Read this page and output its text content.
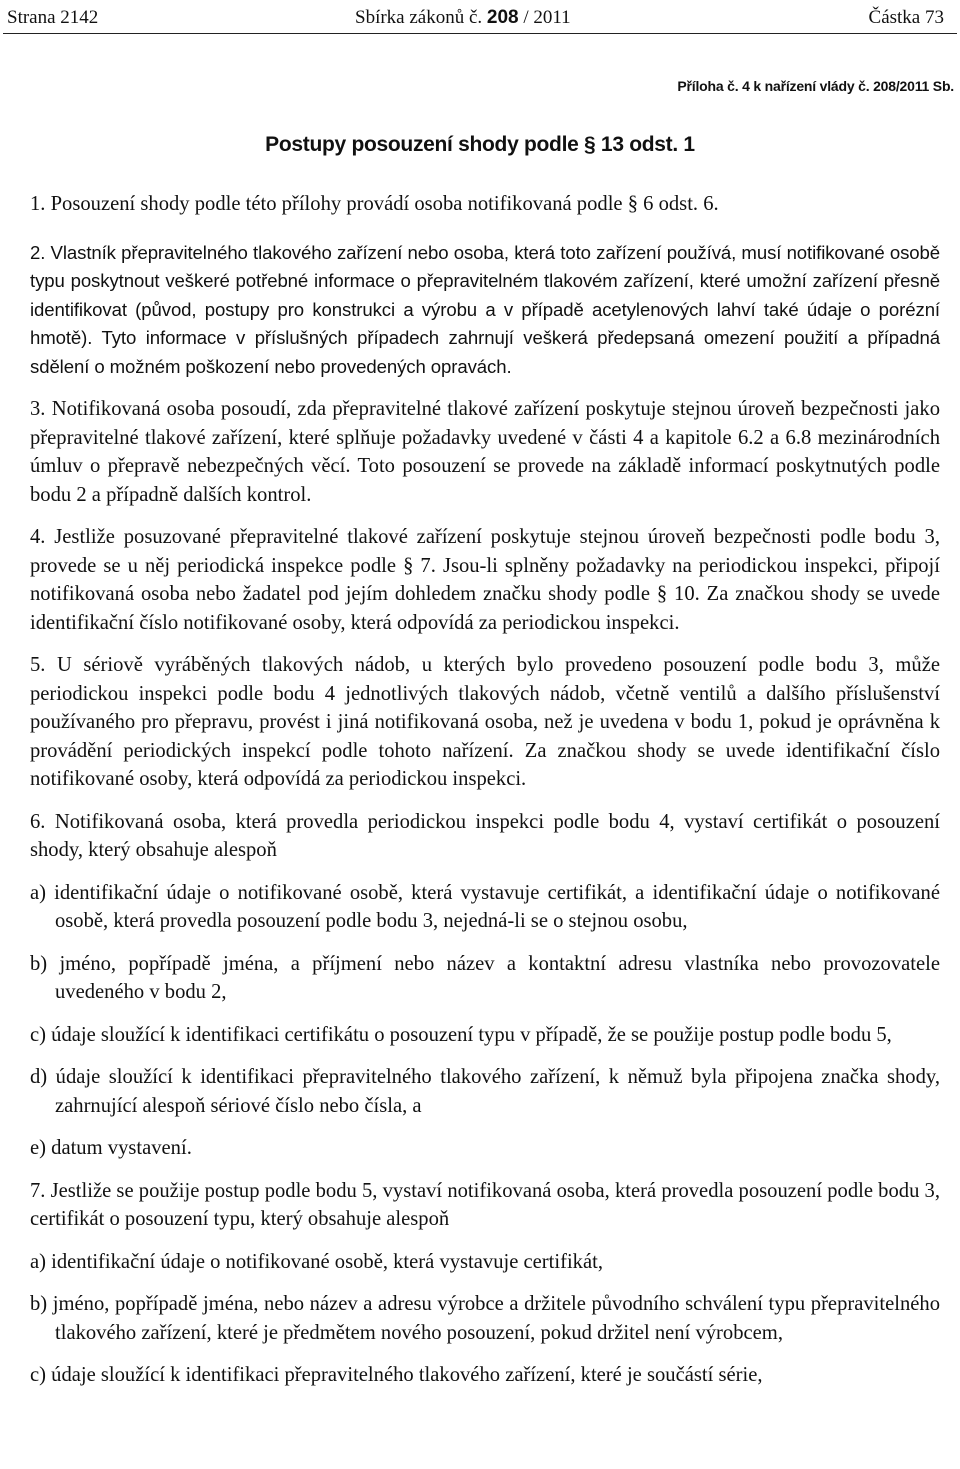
Strana 2142	Sbírka zákonů č. 208 / 2011	Částka 73
Příloha č. 4 k nařízení vlády č. 208/2011 Sb.
Postupy posouzení shody podle § 13 odst. 1

1. Posouzení shody podle této přílohy provádí osoba notifikovaná podle § 6 odst. 6.

2. Vlastník přepravitelného tlakového zařízení nebo osoba, která toto zařízení používá, musí notifikované osobě typu poskytnout veškeré potřebné informace o přepravitelném tlakovém zařízení, které umožní zařízení přesně identifikovat (původ, postupy pro konstrukci a výrobu a v případě acetylenových lahví také údaje o porézní hmotě). Tyto informace v příslušných případech zahrnují veškerá předepsaná omezení použití a případná sdělení o možném poškození nebo provedených opravách.

3. Notifikovaná osoba posoudí, zda přepravitelné tlakové zařízení poskytuje stejnou úroveň bezpečnosti jako přepravitelné tlakové zařízení, které splňuje požadavky uvedené v části 4 a kapitole 6.2 a 6.8 mezinárodních úmluv o přepravě nebezpečných věcí. Toto posouzení se provede na základě informací poskytnutých podle bodu 2 a případně dalších kontrol.

4. Jestliže posuzované přepravitelné tlakové zařízení poskytuje stejnou úroveň bezpečnosti podle bodu 3, provede se u něj periodická inspekce podle § 7. Jsou-li splněny požadavky na periodickou inspekci, připojí notifikovaná osoba nebo žadatel pod jejím dohledem značku shody podle § 10. Za značkou shody se uvede identifikační číslo notifikované osoby, která odpovídá za periodickou inspekci.

5. U sériově vyráběných tlakových nádob, u kterých bylo provedeno posouzení podle bodu 3, může periodickou inspekci podle bodu 4 jednotlivých tlakových nádob, včetně ventilů a dalšího příslušenství používaného pro přepravu, provést i jiná notifikovaná osoba, než je uvedena v bodu 1, pokud je oprávněna k provádění periodických inspekcí podle tohoto nařízení. Za značkou shody se uvede identifikační číslo notifikované osoby, která odpovídá za periodickou inspekci.

6. Notifikovaná osoba, která provedla periodickou inspekci podle bodu 4, vystaví certifikát o posouzení shody, který obsahuje alespoň

a) identifikační údaje o notifikované osobě, která vystavuje certifikát, a identifikační údaje o notifikované osobě, která provedla posouzení podle bodu 3, nejedná-li se o stejnou osobu,

b) jméno, popřípadě jména, a příjmení nebo název a kontaktní adresu vlastníka nebo provozovatele uvedeného v bodu 2,

c) údaje sloužící k identifikaci certifikátu o posouzení typu v případě, že se použije postup podle bodu 5,

d) údaje sloužící k identifikaci přepravitelného tlakového zařízení, k němuž byla připojena značka shody, zahrnující alespoň sériové číslo nebo čísla, a

e) datum vystavení.

7. Jestliže se použije postup podle bodu 5, vystaví notifikovaná osoba, která provedla posouzení podle bodu 3, certifikát o posouzení typu, který obsahuje alespoň

a) identifikační údaje o notifikované osobě, která vystavuje certifikát,

b) jméno, popřípadě jména, nebo název a adresu výrobce a držitele původního schválení typu přepravitelného tlakového zařízení, které je předmětem nového posouzení, pokud držitel není výrobcem,

c) údaje sloužící k identifikaci přepravitelného tlakového zařízení, které je součástí série,
